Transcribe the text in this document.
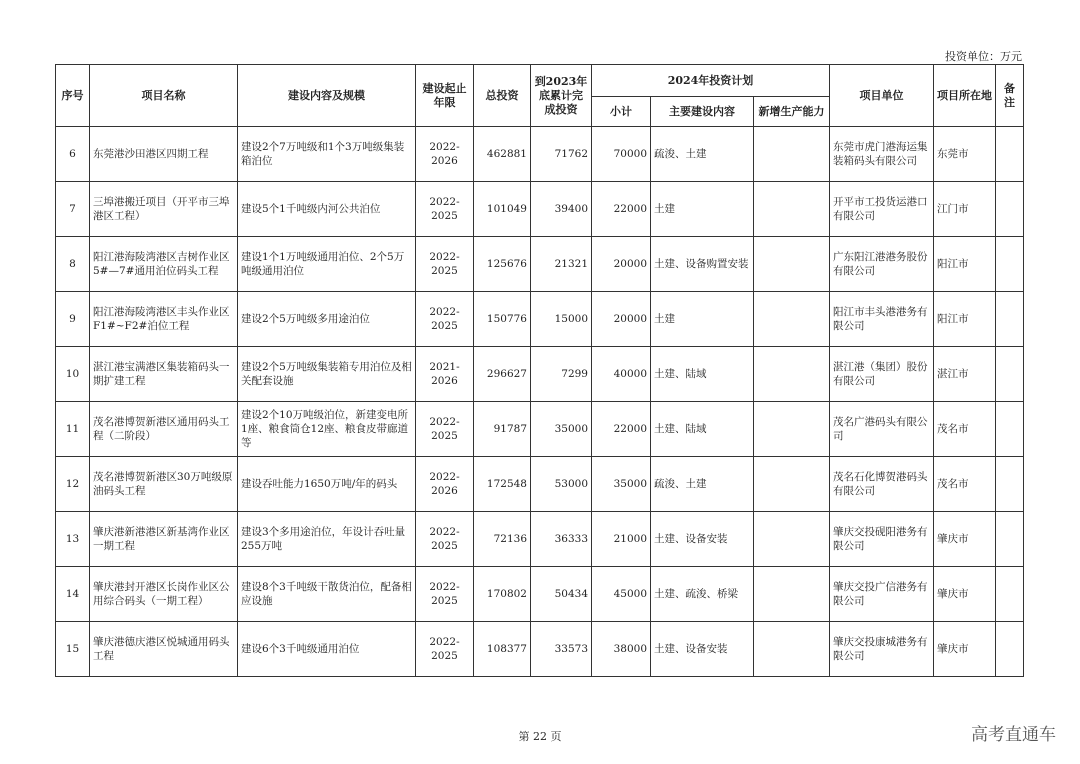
投资单位：万元
序号	项目名称	建设内容及规模	建设起止年限	总投资	到2023年底累计完成投资	2024年投资计划			项目单位	项目所在地	备注
						小计	主要建设内容	新增生产能力			
6	东莞港沙田港区四期工程	建设2个7万吨级和1个3万吨级集装箱泊位	2022-2026	462881	71762	70000	疏浚、土建		东莞市虎门港海运集装箱码头有限公司	东莞市	
7	三埠港搬迁项目（开平市三埠港区工程）	建设5个1千吨级内河公共泊位	2022-2025	101049	39400	22000	土建		开平市工投货运港口有限公司	江门市	
8	阳江港海陵湾港区吉树作业区5#—7#通用泊位码头工程	建设1个1万吨级通用泊位、2个5万吨级通用泊位	2022-2025	125676	21321	20000	土建、设备购置安装		广东阳江港港务股份有限公司	阳江市	
9	阳江港海陵湾港区丰头作业区F1#~F2#泊位工程	建设2个5万吨级多用途泊位	2022-2025	150776	15000	20000	土建		阳江市丰头港港务有限公司	阳江市	
10	湛江港宝满港区集装箱码头一期扩建工程	建设2个5万吨级集装箱专用泊位及相关配套设施	2021-2026	296627	7299	40000	土建、陆域		湛江港（集团）股份有限公司	湛江市	
11	茂名港博贺新港区通用码头工程（二阶段）	建设2个10万吨级泊位，新建变电所1座、粮食筒仓12座、粮食皮带廊道等	2022-2025	91787	35000	22000	土建、陆域		茂名广港码头有限公司	茂名市	
12	茂名港博贺新港区30万吨级原油码头工程	建设吞吐能力1650万吨/年的码头	2022-2026	172548	53000	35000	疏浚、土建		茂名石化博贺港码头有限公司	茂名市	
13	肇庆港新港港区新基湾作业区一期工程	建设3个多用途泊位，年设计吞吐量255万吨	2022-2025	72136	36333	21000	土建、设备安装		肇庆交投砚阳港务有限公司	肇庆市	
14	肇庆港封开港区长岗作业区公用综合码头（一期工程）	建设8个3千吨级干散货泊位，配备相应设施	2022-2025	170802	50434	45000	土建、疏浚、桥梁		肇庆交投广信港务有限公司	肇庆市	
15	肇庆港德庆港区悦城通用码头工程	建设6个3千吨级通用泊位	2022-2025	108377	33573	38000	土建、设备安装		肇庆交投康城港务有限公司	肇庆市	
第 22 页	高考直通车
